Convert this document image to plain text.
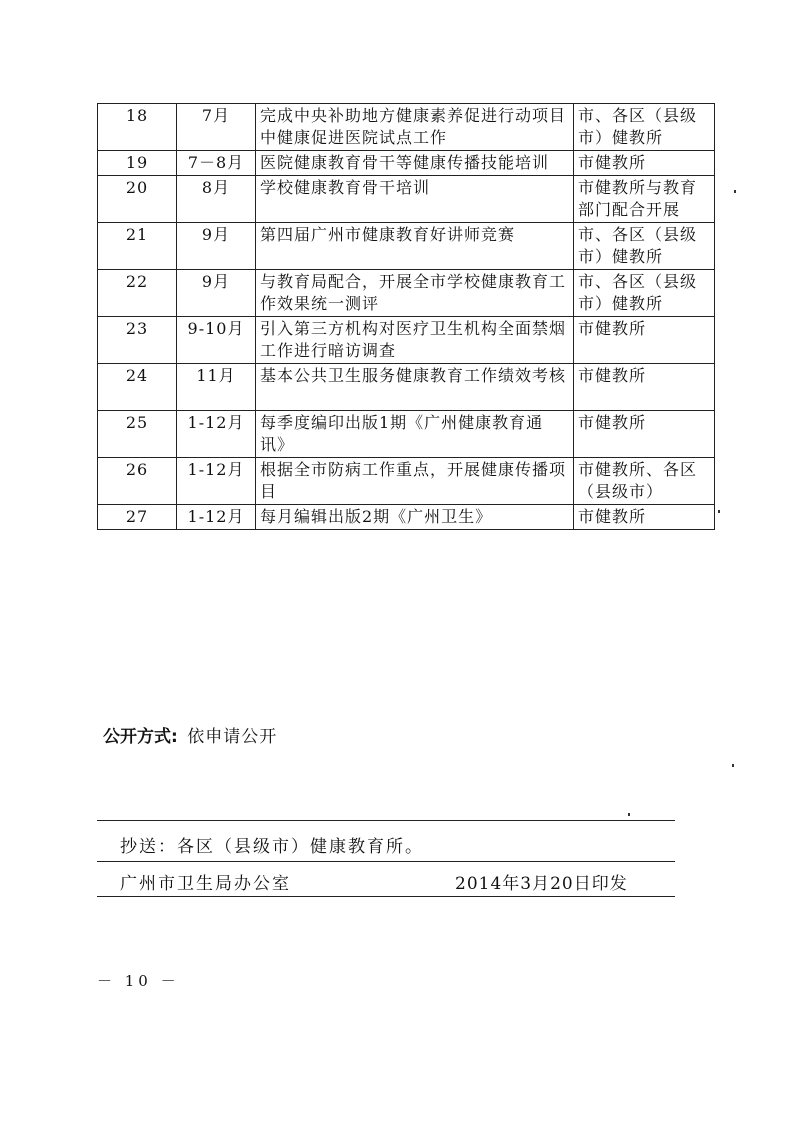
18	7月	完成中央补助地方健康素养促进行动项目中健康促进医院试点工作	市、各区（县级市）健教所
19	7－8月	医院健康教育骨干等健康传播技能培训	市健教所
20	8月	学校健康教育骨干培训	市健教所与教育部门配合开展
21	9月	第四届广州市健康教育好讲师竞赛	市、各区（县级市）健教所
22	9月	与教育局配合，开展全市学校健康教育工作效果统一测评	市、各区（县级市）健教所
23	9-10月	引入第三方机构对医疗卫生机构全面禁烟工作进行暗访调查	市健教所
24	11月	基本公共卫生服务健康教育工作绩效考核	市健教所
25	1-12月	每季度编印出版1期《广州健康教育通讯》	市健教所
26	1-12月	根据全市防病工作重点，开展健康传播项目	市健教所、各区（县级市）
27	1-12月	每月编辑出版2期《广州卫生》	市健教所
公开方式: 依申请公开
抄送：各区（县级市）健康教育所。
广州市卫生局办公室	2014年3月20日印发
－ 10 －
